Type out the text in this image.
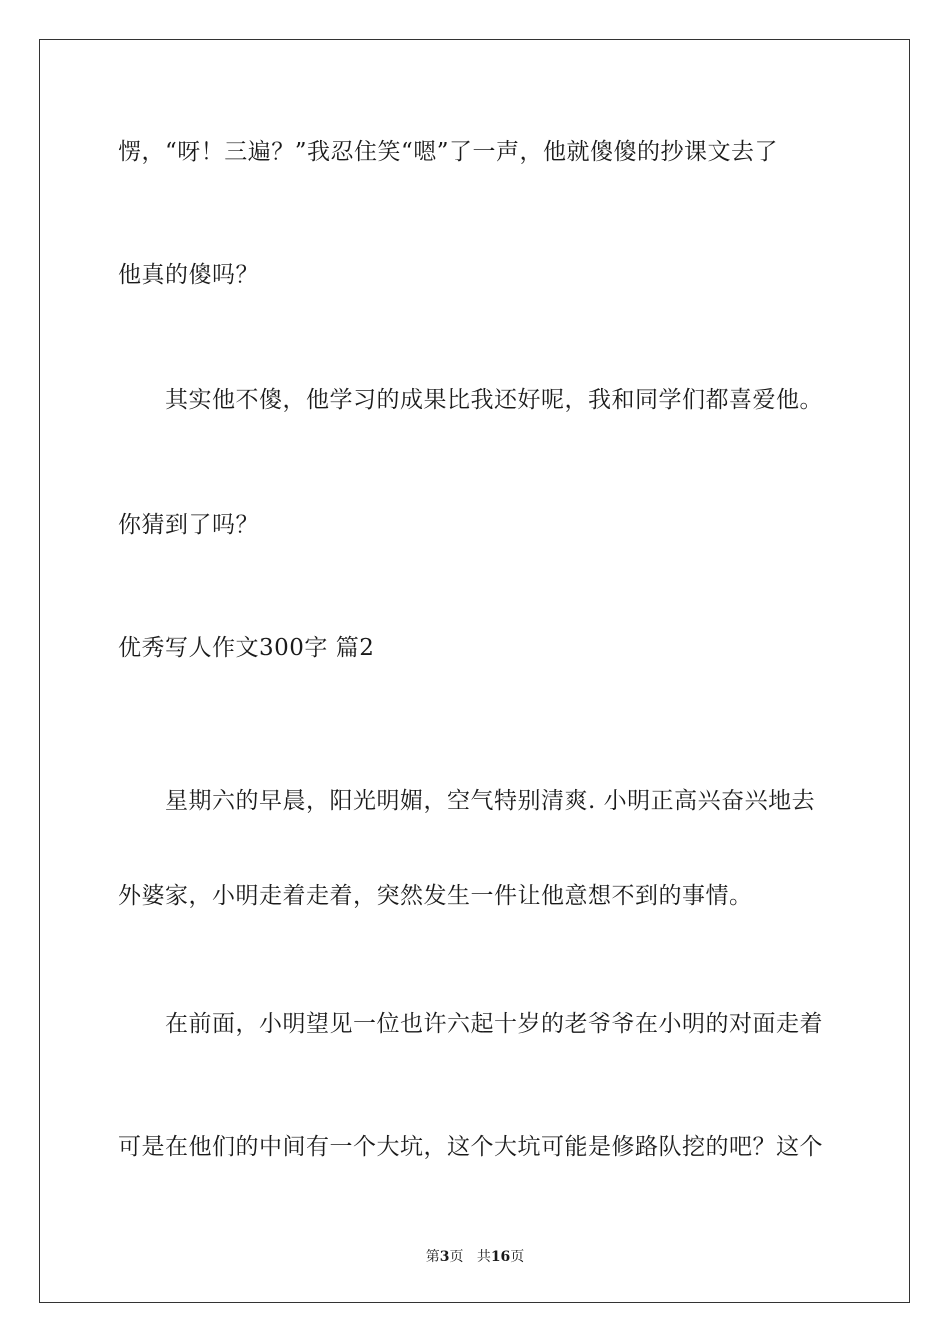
愣，“呀！三遍？”我忍住笑“嗯”了一声，他就傻傻的抄课文去了
他真的傻吗？
其实他不傻，他学习的成果比我还好呢，我和同学们都喜爱他。
你猜到了吗？
优秀写人作文300字 篇2
星期六的早晨，阳光明媚，空气特别清爽. 小明正高兴奋兴地去
外婆家，小明走着走着，突然发生一件让他意想不到的事情。
在前面，小明望见一位也许六起十岁的老爷爷在小明的对面走着
可是在他们的中间有一个大坑，这个大坑可能是修路队挖的吧？这个
第3页 共16页
